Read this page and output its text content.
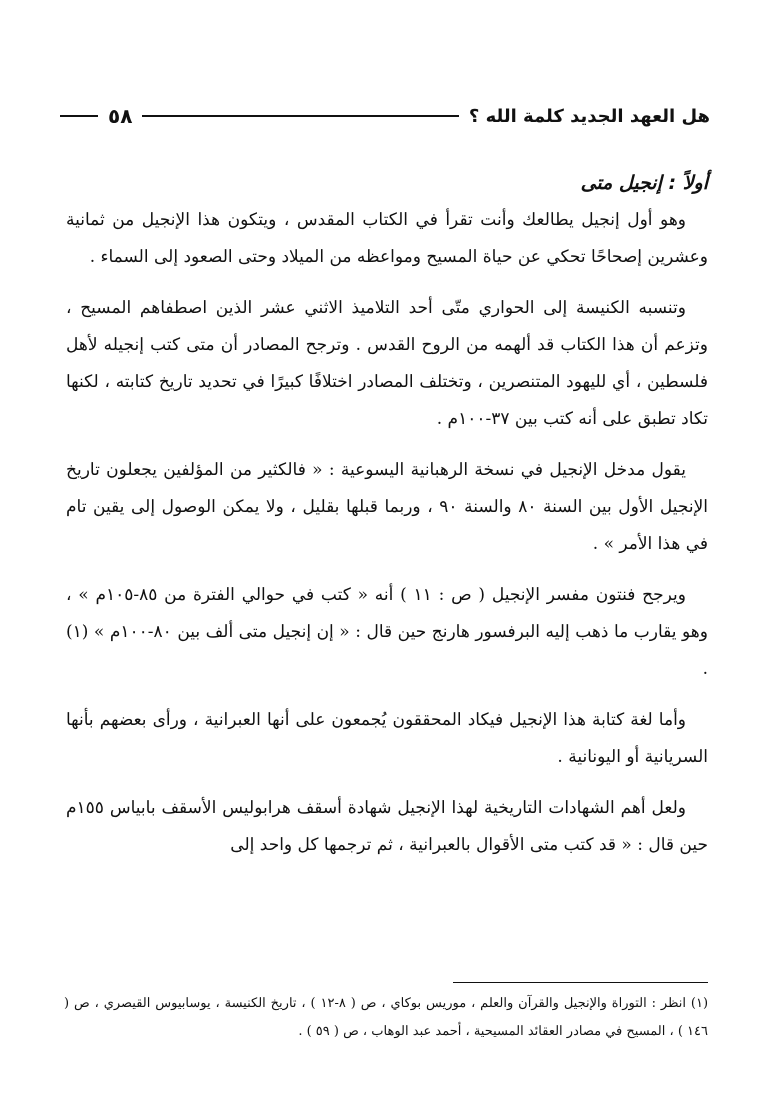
هل العهد الجديد كلمة الله ؟
٥٨
أولاً : إنجيل متى

وهو أول إنجيل يطالعك وأنت تقرأ في الكتاب المقدس ، ويتكون هذا الإنجيل من ثمانية وعشرين إصحاحًا تحكي عن حياة المسيح ومواعظه من الميلاد وحتى الصعود إلى السماء .

وتنسبه الكنيسة إلى الحواري متّى أحد التلاميذ الاثني عشر الذين اصطفاهم المسيح ، وتزعم أن هذا الكتاب قد ألهمه من الروح القدس . وترجح المصادر أن متى كتب إنجيله لأهل فلسطين ، أي لليهود المتنصرين ، وتختلف المصادر اختلافًا كبيرًا في تحديد تاريخ كتابته ، لكنها تكاد تطبق على أنه كتب بين ٣٧-١٠٠م .

يقول مدخل الإنجيل في نسخة الرهبانية اليسوعية : « فالكثير من المؤلفين يجعلون تاريخ الإنجيل الأول بين السنة ٨٠ والسنة ٩٠ ، وربما قبلها بقليل ، ولا يمكن الوصول إلى يقين تام في هذا الأمر » .

ويرجح فنتون مفسر الإنجيل ( ص : ١١ ) أنه « كتب في حوالي الفترة من ٨٥-١٠٥م » ، وهو يقارب ما ذهب إليه البرفسور هارنج حين قال : « إن إنجيل متى ألف بين ٨٠-١٠٠م » (١) .

وأما لغة كتابة هذا الإنجيل فيكاد المحققون يُجمعون على أنها العبرانية ، ورأى بعضهم بأنها السريانية أو اليونانية .

ولعل أهم الشهادات التاريخية لهذا الإنجيل شهادة أسقف هرابوليس الأسقف بابياس ١٥٥م حين قال : « قد كتب متى الأقوال بالعبرانية ، ثم ترجمها كل واحد إلى

(١) انظر : التوراة والإنجيل والقرآن والعلم ، موريس بوكاي ، ص ( ٨-١٢ ) ، تاريخ الكنيسة ، يوسابيوس القيصري ، ص ( ١٤٦ ) ، المسيح في مصادر العقائد المسيحية ، أحمد عبد الوهاب ، ص ( ٥٩ ) .
